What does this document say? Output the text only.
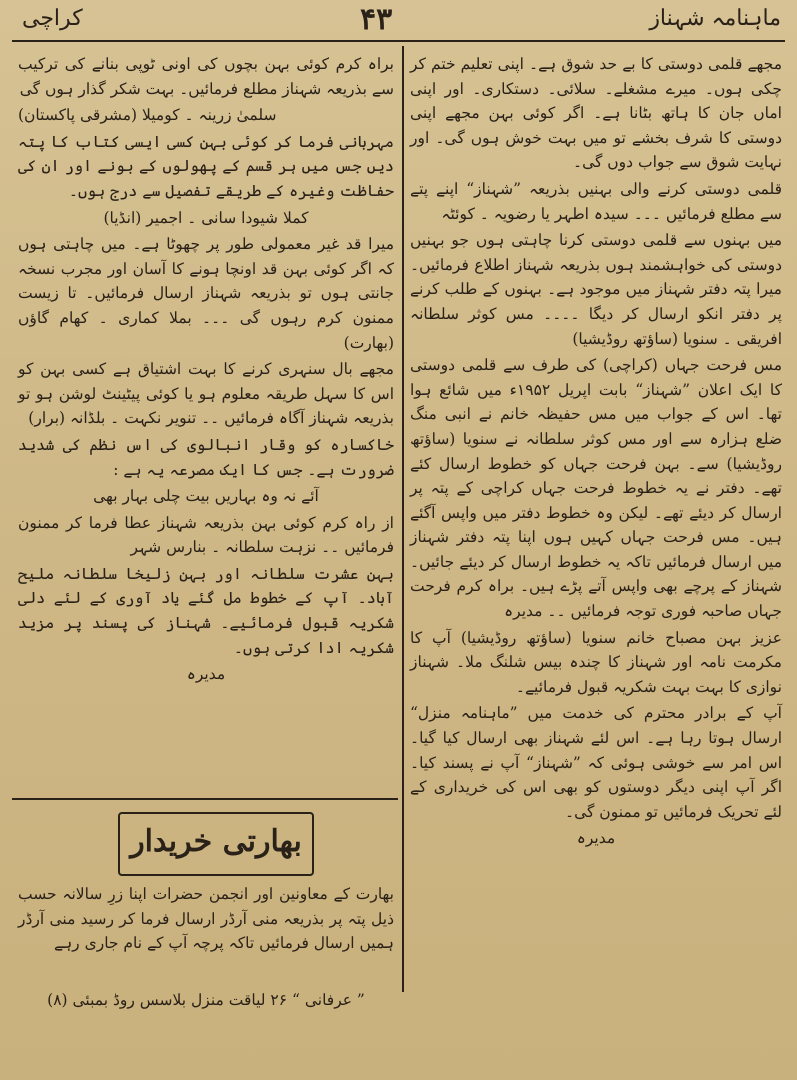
ماہنامہ شہناز
۴۳
کراچی

مجھے قلمی دوستی کا بے حد شوق ہے۔ اپنی تعلیم ختم کر چکی ہوں۔ میرے مشغلے۔ سلائی۔ دستکاری۔ اور اپنی اماں جان کا ہاتھ بٹانا ہے۔ اگر کوئی بہن مجھے اپنی دوستی کا شرف بخشے تو میں بہت خوش ہوں گی۔ اور نہایت شوق سے جواب دوں گی۔

قلمی دوستی کرنے والی بہنیں بذریعہ ”شہناز“ اپنے پتے سے مطلع فرمائیں ۔۔۔ سیدہ اطہر یا رضویہ ۔ کوئٹہ

میں بہنوں سے قلمی دوستی کرنا چاہتی ہوں جو بہنیں دوستی کی خواہشمند ہوں بذریعہ شہناز اطلاع فرمائیں۔ میرا پتہ دفتر شہناز میں موجود ہے۔ بہنوں کے طلب کرنے پر دفتر انکو ارسال کر دیگا ۔۔۔۔ مس کوثر سلطانہ افریقی ۔ سنویا (ساؤتھ روڈیشیا)

مس فرحت جہاں (کراچی) کی طرف سے قلمی دوستی کا ایک اعلان ”شہناز“ بابت اپریل ۱۹۵۲ء میں شائع ہوا تھا۔ اس کے جواب میں مس حفیظہ خانم نے انبی منگ ضلع ہزارہ سے اور مس کوثر سلطانہ نے سنویا (ساؤتھ روڈیشیا) سے۔ بہن فرحت جہاں کو خطوط ارسال کئے تھے۔ دفتر نے یہ خطوط فرحت جہاں کراچی کے پتہ پر ارسال کر دیئے تھے۔ لیکن وہ خطوط دفتر میں واپس آگئے ہیں۔ مس فرحت جہاں کہیں ہوں اپنا پتہ دفتر شہناز میں ارسال فرمائیں تاکہ یہ خطوط ارسال کر دیئے جائیں۔ شہناز کے پرچے بھی واپس آتے پڑے ہیں۔ براہ کرم فرحت جہاں صاحبہ فوری توجہ فرمائیں ۔۔ مدیرہ

عزیز بہن مصباح خانم سنویا (ساؤتھ روڈیشیا) آپ کا مکرمت نامہ اور شہناز کا چندہ بیس شلنگ ملا۔ شہناز نوازی کا بہت بہت شکریہ قبول فرمائیے۔

آپ کے برادر محترم کی خدمت میں ”ماہنامہ منزل“ ارسال ہوتا رہا ہے۔ اس لئے شہناز بھی ارسال کیا گیا۔ اس امر سے خوشی ہوئی کہ ”شہناز“ آپ نے پسند کیا۔ اگر آپ اپنی دیگر دوستوں کو بھی اس کی خریداری کے لئے تحریک فرمائیں تو ممنون گی۔

مدیرہ

براہ کرم کوئی بہن بچوں کی اونی ٹوپی بنانے کی ترکیب سے بذریعہ شہناز مطلع فرمائیں۔ بہت شکر گذار ہوں گی

سلمیٰ زرینہ ۔ کومیلا (مشرقی پاکستان)

مہربانی فرما کر کوئی بہن کسی ایسی کتاب کا پتہ دیں جس میں ہر قسم کے پھولوں کے بونے اور ان کی حفاظت وغیرہ کے طریقے تفصیل سے درج ہوں۔

کملا شیودا سانی ۔ اجمیر (انڈیا)

میرا قد غیر معمولی طور پر چھوٹا ہے۔ میں چاہتی ہوں کہ اگر کوئی بہن قد اونچا ہونے کا آسان اور مجرب نسخہ جانتی ہوں تو بذریعہ شہناز ارسال فرمائیں۔ تا زیست ممنون کرم رہوں گی ۔۔۔ بملا کماری ۔ کھام گاؤں (بھارت)

مجھے بال سنہری کرنے کا بہت اشتیاق ہے کسی بہن کو اس کا سہل طریقہ معلوم ہو یا کوئی پیٹینٹ لوشن ہو تو بذریعہ شہناز آگاہ فرمائیں ۔۔ تنویر نکہت ۔ بلڈانہ (برار)

خاکسارہ کو وقار انبالوی کی اس نظم کی شدید ضرورت ہے۔ جس کا ایک مصرعہ یہ ہے :

آئے نہ وہ بہاریں بیت چلی بہار بھی

از راہ کرم کوئی بہن بذریعہ شہناز عطا فرما کر ممنون فرمائیں ۔۔ نزہت سلطانہ ۔ بنارس شہر

بہن عشرت سلطانہ اور بہن زلیخا سلطانہ ملیح آباد۔ آپ کے خطوط مل گئے یاد آوری کے لئے دلی شکریہ قبول فرمائیے۔ شہناز کی پسند پر مزید شکریہ ادا کرتی ہوں۔

مدیرہ

بھارتی خریدار

بھارت کے معاونین اور انجمن حضرات اپنا زرِ سالانہ حسب ذیل پتہ پر بذریعہ منی آرڈر ارسال فرما کر رسید منی آرڈر ہمیں ارسال فرمائیں تاکہ پرچہ آپ کے نام جاری رہے

” عرفانی “ ۲۶ لیاقت منزل بلاسس روڈ بمبئی (۸)
